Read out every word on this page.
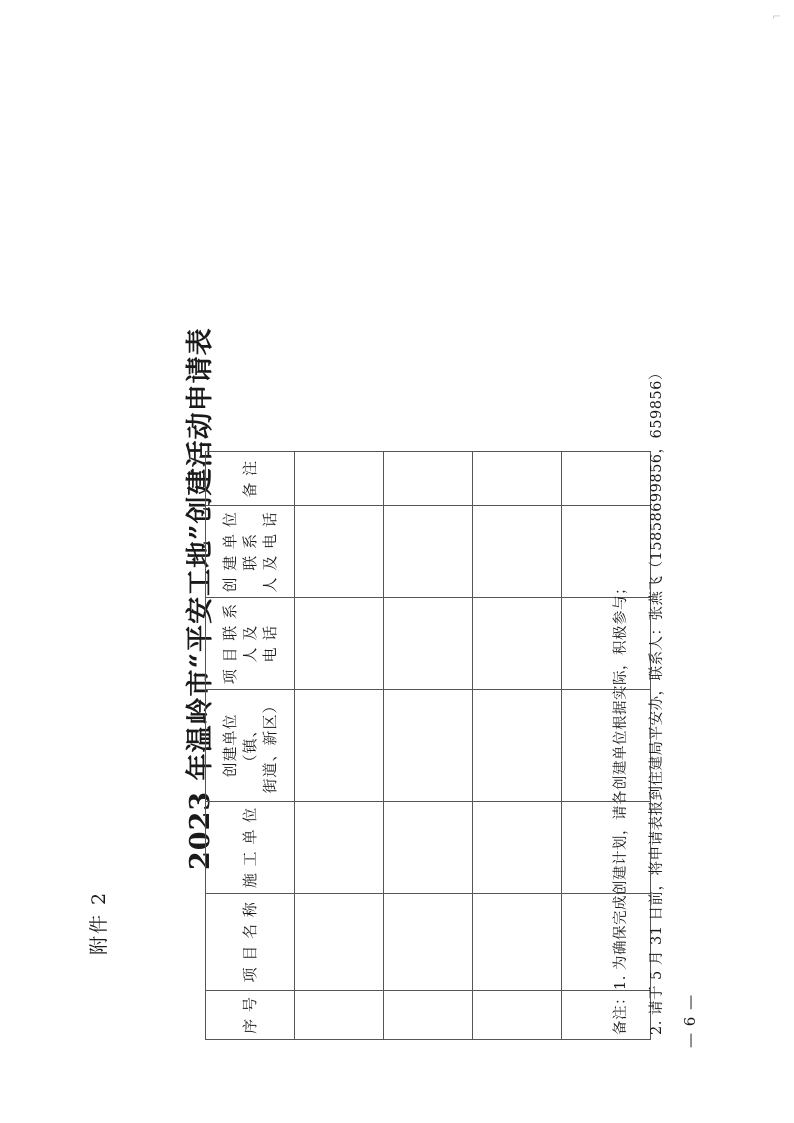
⌐
附件 2
2023 年温岭市“平安工地”创建活动申请表
序 号	项 目 名 称	施 工 单 位	创建单位（镇、 街道、新区）	项 目 联 系 人 及 电 话	创 建 单 位 联 系 人 及 电 话	备 注

备注：1. 为确保完成创建计划，请各创建单位根据实际，积极参与；	2. 请于 5 月 31 日前，将申请表报到住建局平安办，联系人：张燕飞（15858699856，659856）	— 6 —
